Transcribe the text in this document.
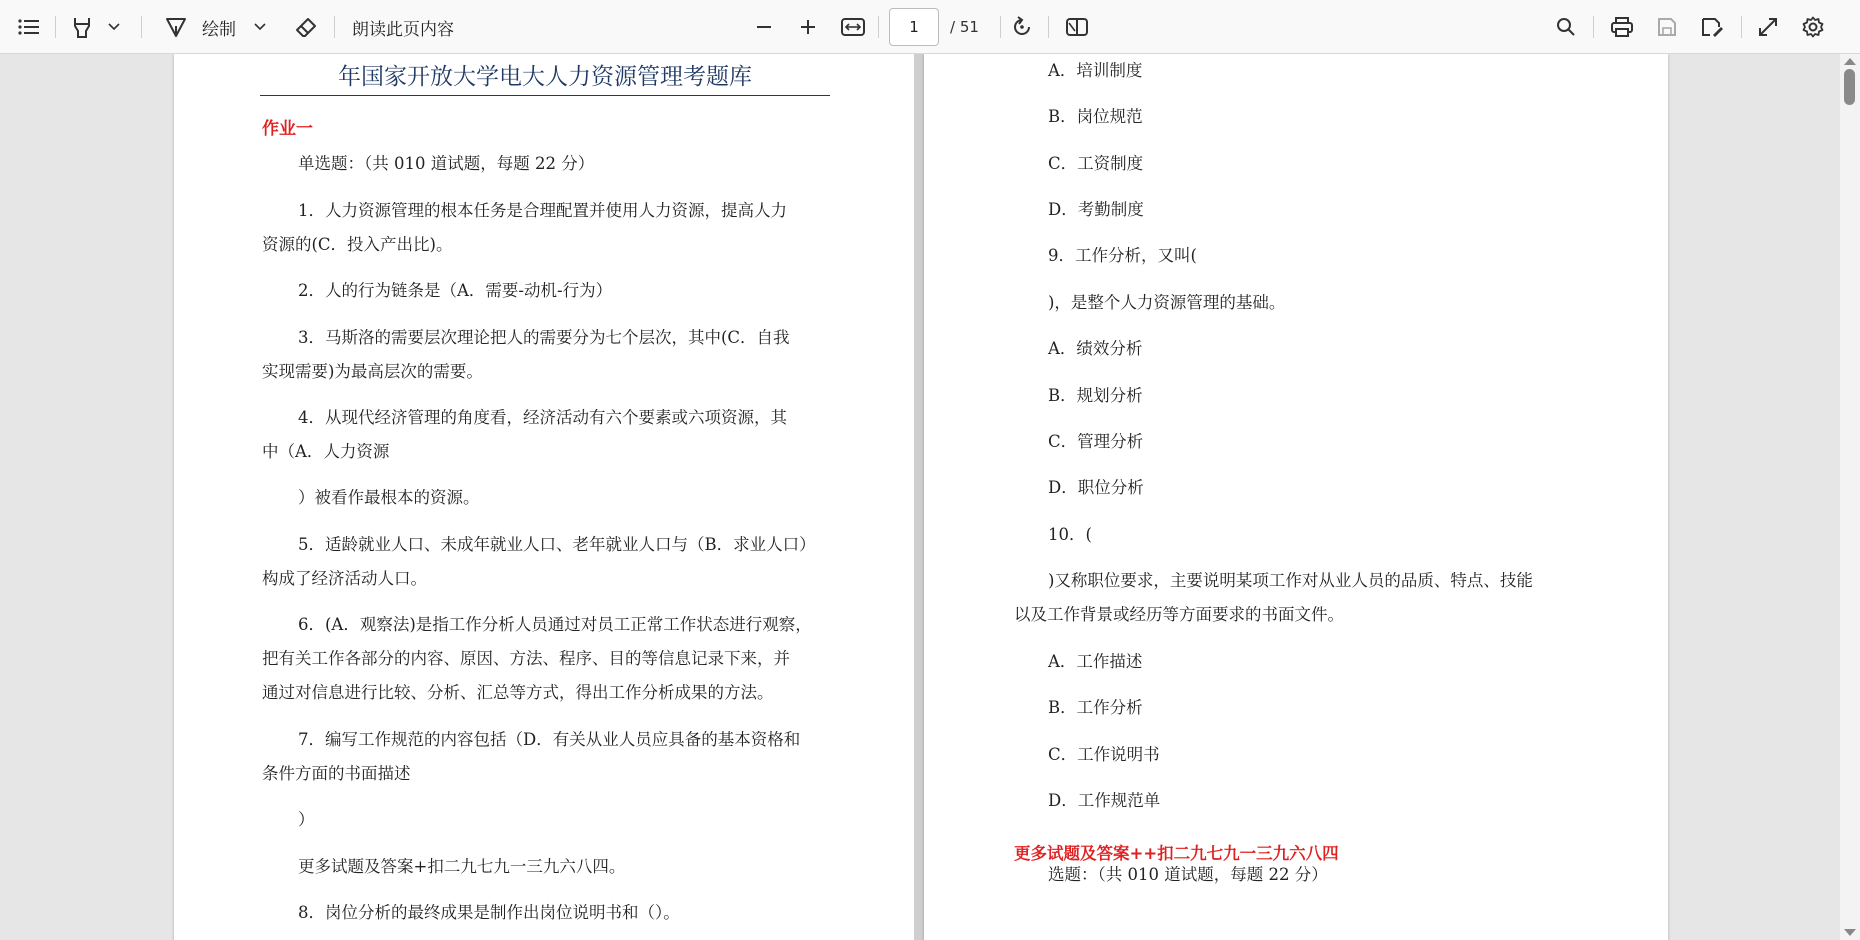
绘制	朗读此页内容	1	/ 51
年国家开放大学电大人力资源管理考题库
作业一
单选题：（共 010 道试题，每题 22 分）
1．人力资源管理的根本任务是合理配置并使用人力资源，提高人力
资源的(C．投入产出比)。
2．人的行为链条是（A．需要-动机-行为）
3．马斯洛的需要层次理论把人的需要分为七个层次，其中(C．自我
实现需要)为最高层次的需要。
4．从现代经济管理的角度看，经济活动有六个要素或六项资源，其
中（A．人力资源
）被看作最根本的资源。
5．适龄就业人口、未成年就业人口、老年就业人口与（B．求业人口）
构成了经济活动人口。
6．(A．观察法)是指工作分析人员通过对员工正常工作状态进行观察，
把有关工作各部分的内容、原因、方法、程序、目的等信息记录下来，并
通过对信息进行比较、分析、汇总等方式，得出工作分析成果的方法。
7．编写工作规范的内容包括（D．有关从业人员应具备的基本资格和
条件方面的书面描述
）
更多试题及答案+扣二九七九一三九六八四。
8．岗位分析的最终成果是制作出岗位说明书和（）。
A．培训制度
B．岗位规范
C．工资制度
D．考勤制度
9．工作分析，又叫(
)，是整个人力资源管理的基础。
A．绩效分析
B．规划分析
C．管理分析
D．职位分析
10．(
)又称职位要求，主要说明某项工作对从业人员的品质、特点、技能
以及工作背景或经历等方面要求的书面文件。
A．工作描述
B．工作分析
C．工作说明书
D．工作规范单
更多试题及答案++扣二九七九一三九六八四
选题：（共 010 道试题，每题 22 分）
